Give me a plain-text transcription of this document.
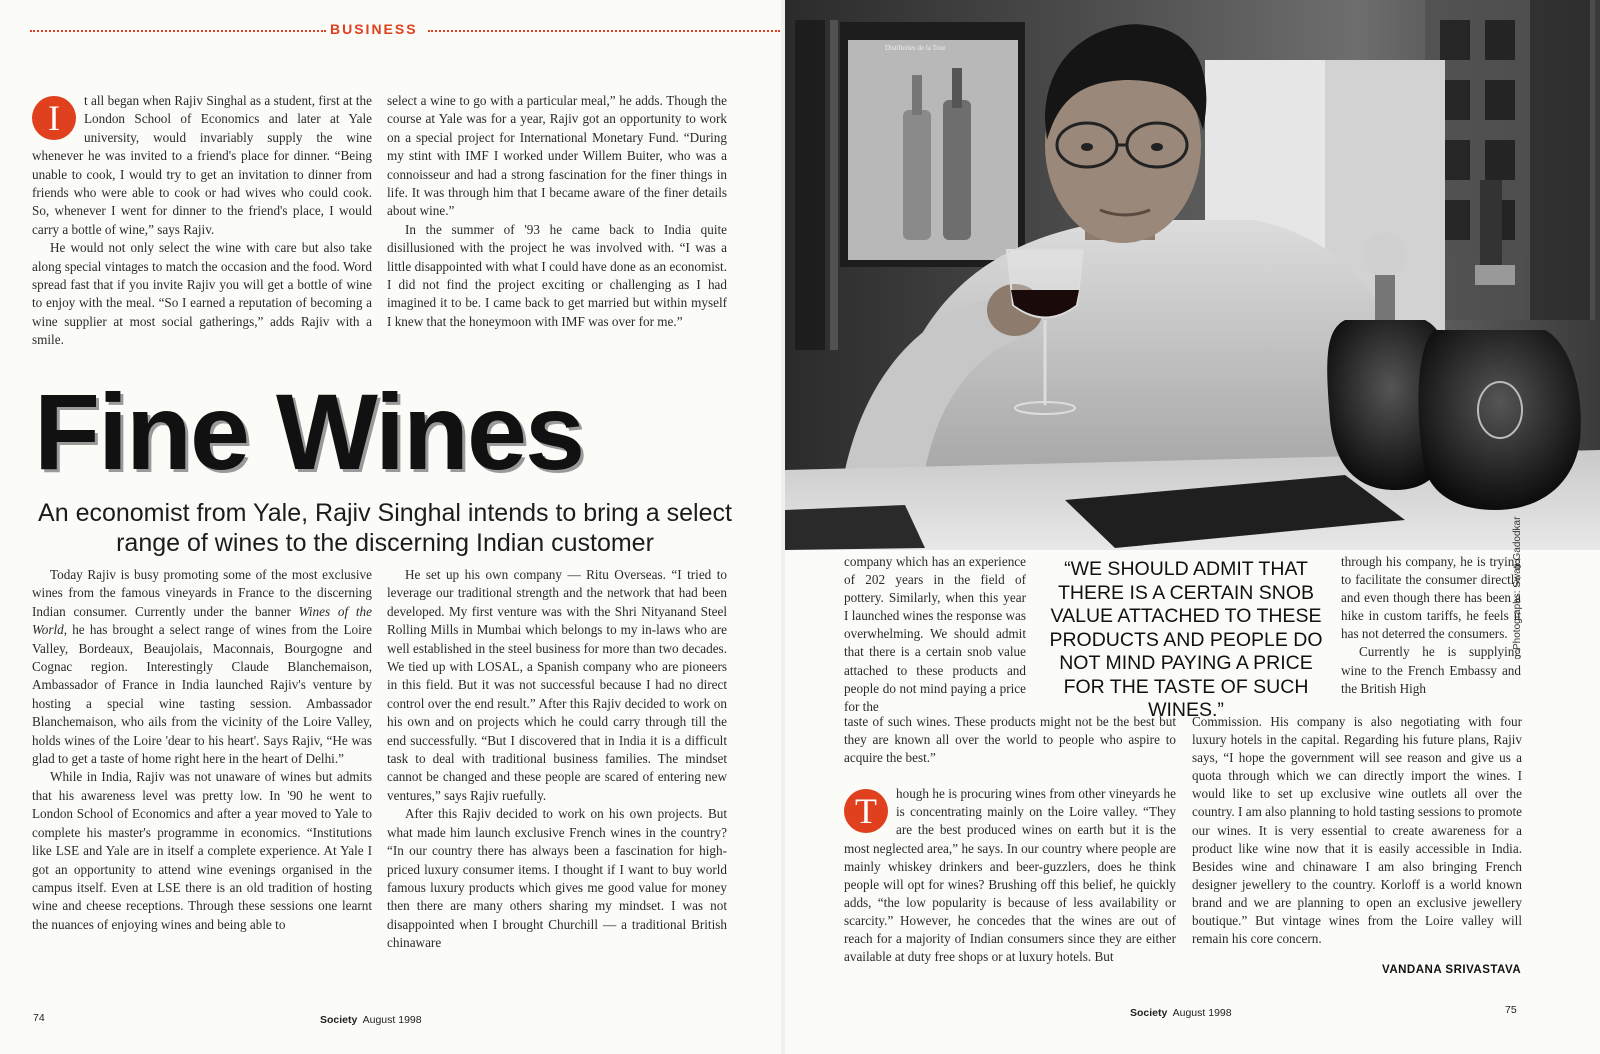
BUSINESS

I	t all began when Rajiv Singhal as a student, first at the London School of Economics and later at Yale university, would invariably supply the wine whenever he was invited to a friend's place for dinner. “Being unable to cook, I would try to get an invitation to dinner from friends who were able to cook or had wives who could cook. So, whenever I went for dinner to the friend's place, I would carry a bottle of wine,” says Rajiv.

He would not only select the wine with care but also take along special vintages to match the occasion and the food. Word spread fast that if you invite Rajiv you will get a bottle of wine to enjoy with the meal. “So I earned a reputation of becoming a wine supplier at most social gatherings,” adds Rajiv with a smile.

select a wine to go with a particular meal,” he adds. Though the course at Yale was for a year, Rajiv got an opportunity to work on a special project for International Monetary Fund. “During my stint with IMF I worked under Willem Buiter, who was a connoisseur and had a strong fascination for the finer things in life. It was through him that I became aware of the finer details about wine.”

In the summer of '93 he came back to India quite disillusioned with the project he was involved with. “I was a little disappointed with what I could have done as an economist. I did not find the project exciting or challenging as I had imagined it to be. I came back to get married but within myself I knew that the honeymoon with IMF was over for me.”

Fine Wines
An economist from Yale, Rajiv Singhal intends to bring a select range of wines to the discerning Indian customer

Today Rajiv is busy promoting some of the most exclusive wines from the famous vineyards in France to the discerning Indian consumer. Currently under the banner Wines of the World, he has brought a select range of wines from the Loire Valley, Bordeaux, Beaujolais, Maconnais, Bourgogne and Cognac region. Interestingly Claude Blanchemaison, Ambassador of France in India launched Rajiv's venture by hosting a special wine tasting session. Ambassador Blanchemaison, who ails from the vicinity of the Loire Valley, holds wines of the Loire 'dear to his heart'. Says Rajiv, “He was glad to get a taste of home right here in the heart of Delhi.”

While in India, Rajiv was not unaware of wines but admits that his awareness level was pretty low. In '90 he went to London School of Economics and after a year moved to Yale to complete his master's programme in economics. “Institutions like LSE and Yale are in itself a complete experience. At Yale I got an opportunity to attend wine evenings organised in the campus itself. Even at LSE there is an old tradition of hosting wine and cheese receptions. Through these sessions one learnt the nuances of enjoying wines and being able to

He set up his own company — Ritu Overseas. “I tried to leverage our traditional strength and the network that had been developed. My first venture was with the Shri Nityanand Steel Rolling Mills in Mumbai which belongs to my in-laws who are well established in the steel business for more than two decades. We tied up with LOSAL, a Spanish company who are pioneers in this field. But it was not successful because I had no direct control over the end result.” After this Rajiv decided to work on his own and on projects which he could carry through till the end successfully. “But I discovered that in India it is a difficult task to deal with traditional business families. The mindset cannot be changed and these people are scared of entering new ventures,” says Rajiv ruefully.

After this Rajiv decided to work on his own projects. But what made him launch exclusive French wines in the country? “In our country there has always been a fascination for high-priced luxury consumer items. I thought if I want to buy world famous luxury products which gives me good value for money then there are many others sharing my mindset. I was not disappointed when I brought Churchill — a traditional British chinaware

74	Society August 1998
Distilleries de la Tour
Photographs: Swati Gadodkar

company which has an experience of 202 years in the field of pottery. Similarly, when this year I launched wines the response was overwhelming. We should admit that there is a certain snob value attached to these products and people do not mind paying a price for the

“WE SHOULD ADMIT THAT THERE IS A CERTAIN SNOB VALUE ATTACHED TO THESE PRODUCTS AND PEOPLE DO NOT MIND PAYING A PRICE FOR THE TASTE OF SUCH WINES.”

through his company, he is trying to facilitate the consumer directly and even though there has been a hike in custom tariffs, he feels it has not deterred the consumers.

Currently he is supplying wine to the French Embassy and the British High

taste of such wines. These products might not be the best but they are known all over the world to people who aspire to acquire the best.”

T	hough he is procuring wines from other vineyards he is concentrating mainly on the Loire valley. “They are the best produced wines on earth but it is the most neglected area,” he says. In our country where people are mainly whiskey drinkers and beer-guzzlers, does he think people will opt for wines? Brushing off this belief, he quickly adds, “the low popularity is because of less availability or scarcity.” However, he concedes that the wines are out of reach for a majority of Indian consumers since they are either available at duty free shops or at luxury hotels. But

Commission. His company is also negotiating with four luxury hotels in the capital. Regarding his future plans, Rajiv says, “I hope the government will see reason and give us a quota through which we can directly import the wines. I would like to set up exclusive wine outlets all over the country. I am also planning to hold tasting sessions to promote our wines. It is very essential to create awareness for a product like wine now that it is easily accessible in India. Besides wine and chinaware I am also bringing French designer jewellery to the country. Korloff is a world known brand and we are planning to open an exclusive jewellery boutique.” But vintage wines from the Loire valley will remain his core concern.

VANDANA SRIVASTAVA
Society August 1998	75
